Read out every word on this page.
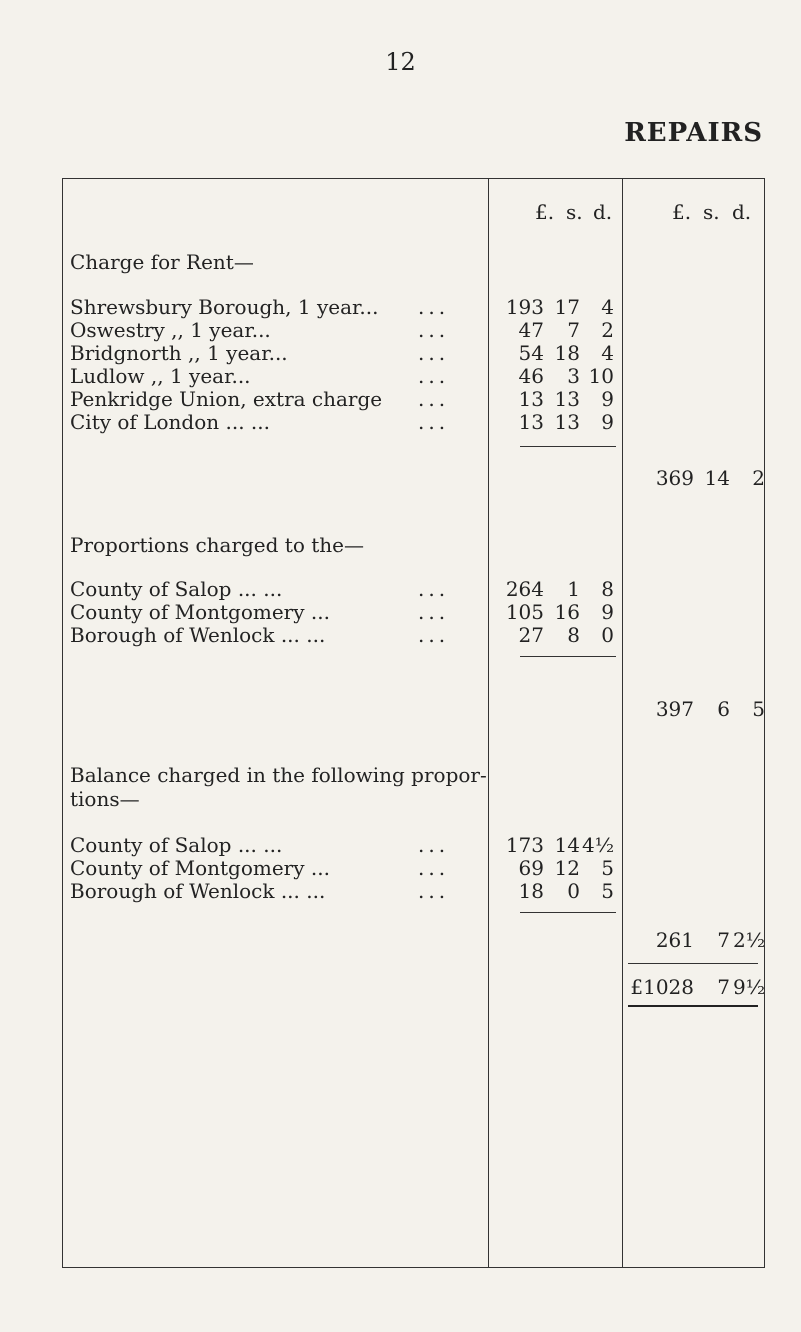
12
REPAIRS
£. s. d.	£. s. d.
Charge for Rent—
Shrewsbury Borough, 1 year... ...	193 17	4
Oswestry ,, 1 year...	...	47	7	2
Bridgnorth ,, 1 year...	...	54 18	4
Ludlow ,, 1 year...	...	46	3 10
Penkridge Union, extra charge ...	13 13	9
City of London ... ...	...	13 13	9
369 14	2
Proportions charged to the—
County of Salop ... ...	...	264	1	8
County of Montgomery ...	...	105 16	9
Borough of Wenlock ... ...	...	27	8	0
397	6	5
Balance charged in the following propor-
tions—
County of Salop ... ...	...	173 14 4½
County of Montgomery ...	...	69 12	5
Borough of Wenlock ... ...	...	18	0	5
261	7 2½
£1028	7 9½
